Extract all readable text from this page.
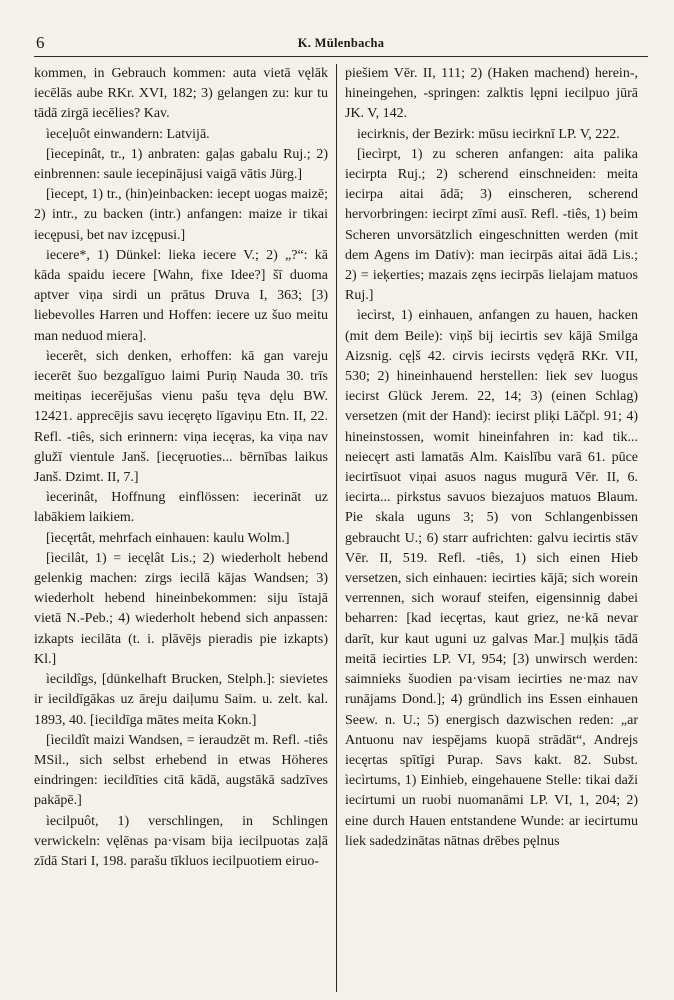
6	K. Mülenbacha

kommen, in Gebrauch kommen: auta vietā vęlāk iecēlās aube RKr. XVI, 182; 3) gelangen zu: kur tu tādā zirgā iecēlies? Kav.

ìeceļuôt einwandern: Latvijā.

[ìecepinât, tr., 1) anbraten: gaļas gabalu Ruj.; 2) einbrennen: saule iecepinājusi vaigā vātis Jürg.]

[ìecept, 1) tr., (hin)einbacken: iecept uogas maizē; 2) intr., zu backen (intr.) anfangen: maize ir tikai iecępusi, bet nav izcępusi.]

iecere*, 1) Dünkel: lieka iecere V.; 2) „?“: kā kāda spaidu iecere [Wahn, fixe Idee?] šī duoma aptver viņa sirdi un prātus Druva I, 363; [3) liebevolles Harren und Hoffen: iecere uz šuo meitu man neduod miera].

ìecerêt, sich denken, erhoffen: kā gan vareju iecerēt šuo bezgalīguo laimi Puriņ Nauda 30. trīs meitiņas iecerējušas vienu pašu tęva dęlu BW. 12421. apprecējis savu iecęręto līgaviņu Etn. II, 22. Refl. -tiês, sich erinnern: viņa iecęras, ka viņa nav glužī vientule Janš. [iecęruoties... bērnības laikus Janš. Dzimt. II, 7.]

ìecerinât, Hoffnung einflössen: iecerināt uz labākiem laikiem.

[ìecęrtât, mehrfach einhauen: kaulu Wolm.]

[ìecilât, 1) = iecęlât Lis.; 2) wiederholt hebend gelenkig machen: zirgs iecilā kājas Wandsen; 3) wiederholt hebend hineinbekommen: siju īstajā vietā N.-Peb.; 4) wiederholt hebend sich anpassen: izkapts iecilāta (t. i. plāvējs pieradis pie izkapts) Kl.]

ìecildîgs, [dünkelhaft Brucken, Stelph.]: sievietes ir iecildīgākas uz āreju daiļumu Saim. u. zelt. kal. 1893, 40. [iecildīga mātes meita Kokn.]

[ìecildît maizi Wandsen, = ieraudzēt m. Refl. -tiês MSil., sich selbst erhebend in etwas Höheres eindringen: iecildīties citā kādā, augstākā sadzīves pakāpē.]

ìecilpuôt, 1) verschlingen, in Schlingen verwickeln: vęlēnas pa·visam bija iecilpuotas zaļā zīdā Stari I, 198. parašu tīkluos iecilpuotiem eiruo-

piešiem Vēr. II, 111; 2) (Haken machend) herein-, hineingehen, -springen: zalktis lępni iecilpuo jūrā JK. V, 142.

iecirknis, der Bezirk: mūsu iecirknī LP. V, 222.

[ìecìrpt, 1) zu scheren anfangen: aita palika iecirpta Ruj.; 2) scherend einschneiden: meita iecirpa aitai ādā; 3) einscheren, scherend hervorbringen: iecirpt zīmi ausī. Refl. -tiês, 1) beim Scheren unvorsätzlich eingeschnitten werden (mit dem Agens im Dativ): man iecirpās aitai ādā Lis.; 2) = ieķerties; mazais zęns iecirpās lielajam matuos Ruj.]

ìecìrst, 1) einhauen, anfangen zu hauen, hacken (mit dem Beile): viņš bij iecirtis sev kājā Smilga Aizsnig. cęļš 42. cirvis iecirsts vędęrā RKr. VII, 530; 2) hineinhauend herstellen: liek sev luogus iecirst Glück Jerem. 22, 14; 3) (einen Schlag) versetzen (mit der Hand): iecirst pliķi Lāčpl. 91; 4) hineinstossen, womit hineinfahren in: kad tik... neiecęrt asti lamatās Alm. Kaislību varā 61. pūce iecirtīsuot viņai asuos nagus mugurā Vēr. II, 6. iecirta... pirkstus savuos biezajuos matuos Blaum. Pie skala uguns 3; 5) von Schlangenbissen gebraucht U.; 6) starr aufrichten: galvu iecirtis stāv Vēr. II, 519. Refl. -tiês, 1) sich einen Hieb versetzen, sich einhauen: iecirties kājā; sich worein verrennen, sich worauf steifen, eigensinnig dabei beharren: [kad iecęrtas, kaut griez, ne·kā nevar darīt, kur kaut uguni uz galvas Mar.] muļķis tādā meitā iecirties LP. VI, 954; [3) unwirsch werden: saimnieks šuodien pa·visam iecirties ne·maz nav runājams Dond.]; 4) gründlich ins Essen einhauen Seew. n. U.; 5) energisch dazwischen reden: „ar Antuonu nav iespējams kuopā strādāt“, Andrejs iecęrtas spītīgi Purap. Savs kakt. 82. Subst. ìecìrtums, 1) Einhieb, eingehauene Stelle: tikai daži iecirtumi un ruobi nuomanāmi LP. VI, 1, 204; 2) eine durch Hauen entstandene Wunde: ar iecirtumu liek sadedzinātas nātnas drēbes pęlnus
